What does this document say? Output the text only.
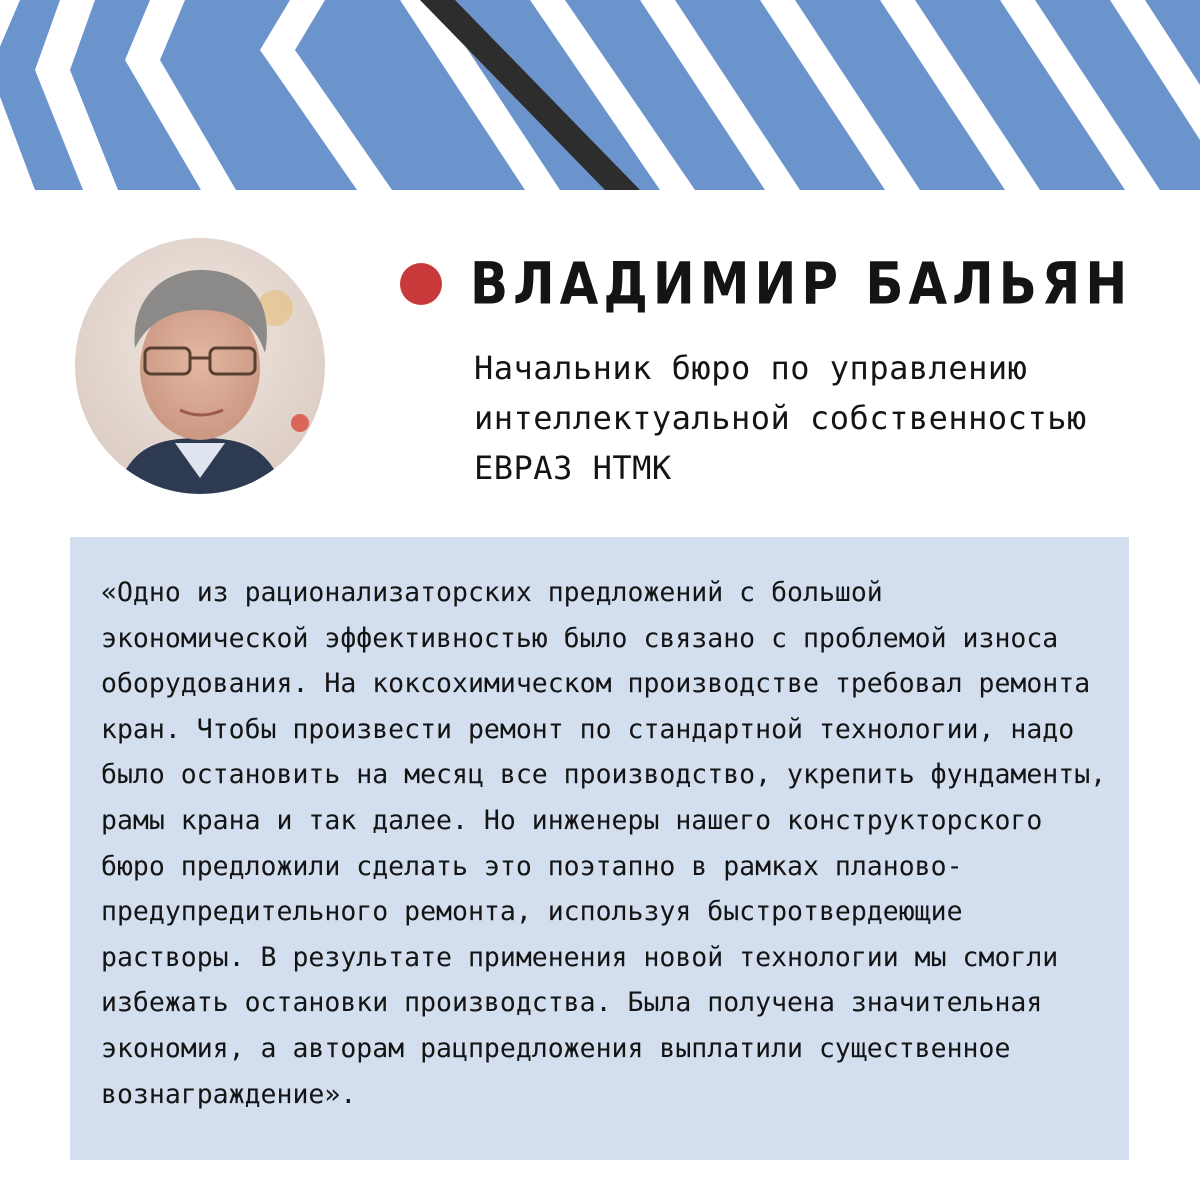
ВЛАДИМИР БАЛЬЯН
Начальник бюро по управлению
интеллектуальной собственностью
ЕВРАЗ НТМК
«Одно из рационализаторских предложений с большой
экономической эффективностью было связано с проблемой износа
оборудования. На коксохимическом производстве требовал ремонта
кран. Чтобы произвести ремонт по стандартной технологии, надо
было остановить на месяц все производство, укрепить фундаменты,
рамы крана и так далее. Но инженеры нашего конструкторского
бюро предложили сделать это поэтапно в рамках планово-
предупредительного ремонта, используя быстротвердеющие
растворы. В результате применения новой технологии мы смогли
избежать остановки производства. Была получена значительная
экономия, а авторам рацпредложения выплатили существенное
вознаграждение».
